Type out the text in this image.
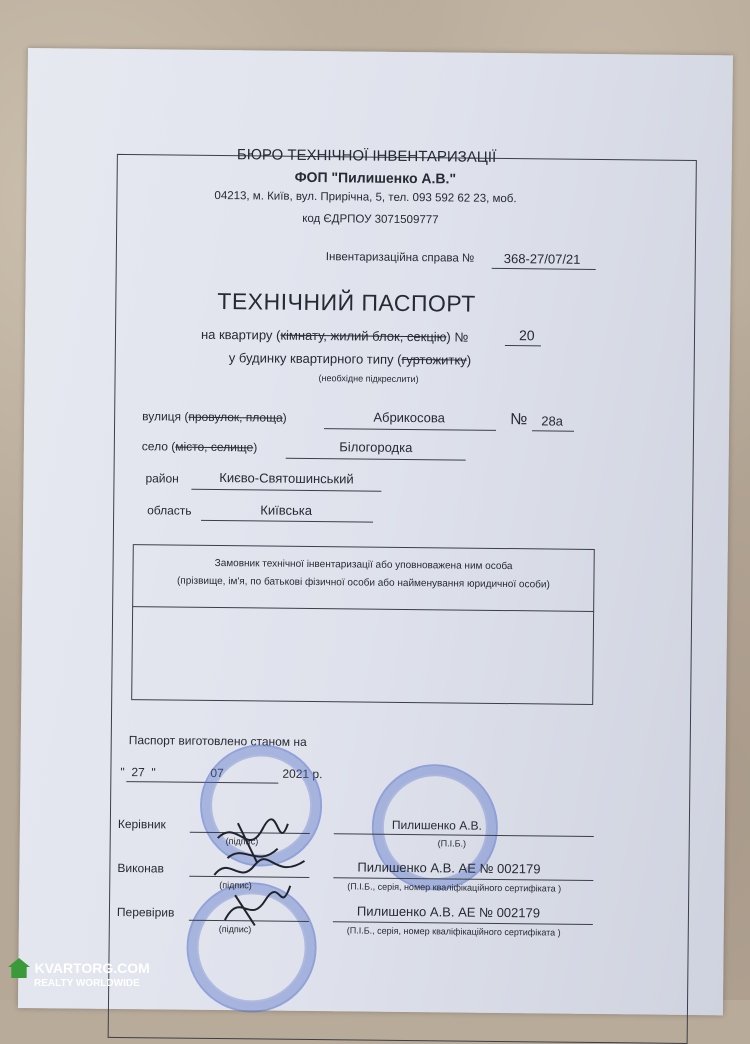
БЮРО ТЕХНІЧНОЇ ІНВЕНТАРИЗАЦІЇ
ФОП "Пилишенко А.В."
04213, м. Київ, вул. Прирічна, 5, тел. 093 592 62 23, моб.
код ЄДРПОУ 3071509777
Інвентаризаційна справа № 368-27/07/21
ТЕХНІЧНИЙ ПАСПОРТ
на квартиру (кімнату, жилий блок, секцію) №	20
у будинку квартирного типу (гуртожитку)
(необхідне підкреслити)
вулиця (провулок, площа)	Абрикосова	№	28а
село (місто, селище)	Білогородка
район	Києво-Святошинський
область	Київська
Замовник технічної інвентаризації або уповноважена ним особа
(прізвище, ім'я, по батькові фізичної особи або найменування юридичної особи)
Паспорт виготовлено станом на
"  27  "	07	2021 р.
Керівник	Пилишенко А.В.
(підпис)	(П.І.Б.)
Виконав	Пилишенко А.В. АЕ № 002179
(підпис)	(П.І.Б., серія, номер кваліфікаційного сертифіката )
Перевірив	Пилишенко А.В. АЕ № 002179
(підпис)	(П.І.Б., серія, номер кваліфікаційного сертифіката )
KVARTORG.COM
REALTY WORLDWIDE
